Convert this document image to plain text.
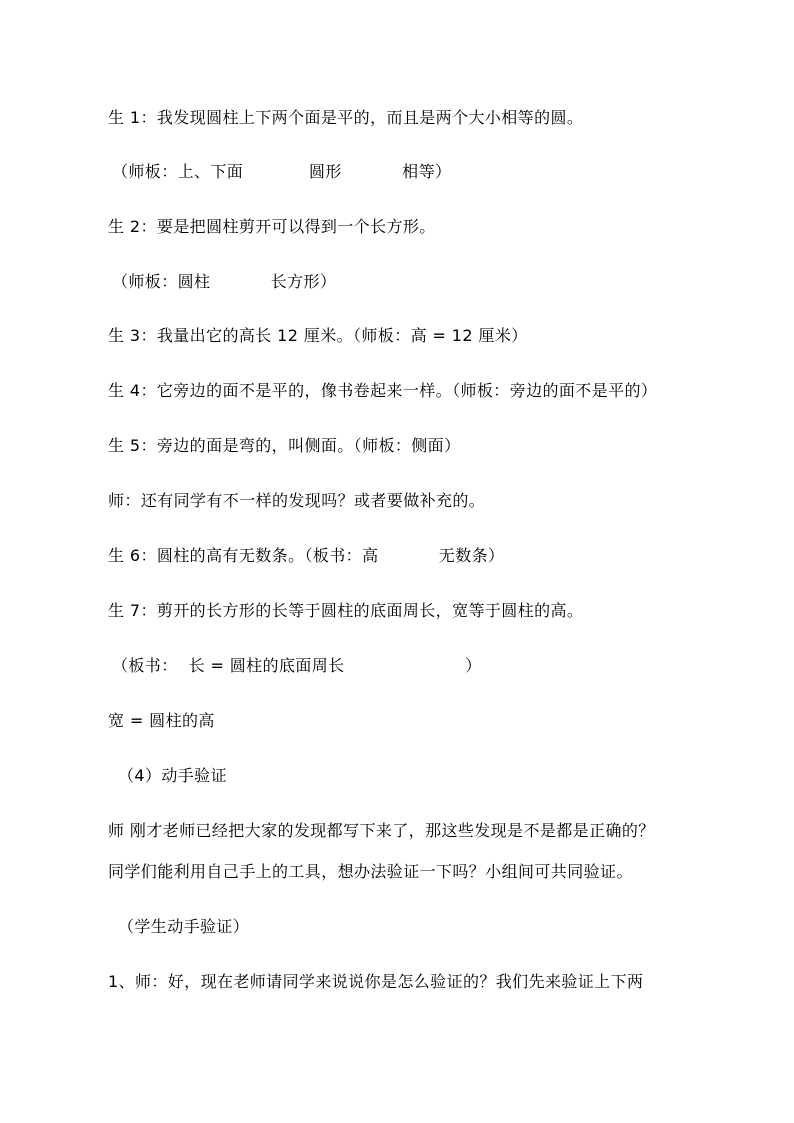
生 1：我发现圆柱上下两个面是平的，而且是两个大小相等的圆。
（师板：上、下面            圆形           相等）
生 2：要是把圆柱剪开可以得到一个长方形。
（师板：圆柱           长方形）
生 3：我量出它的高长 12 厘米。（师板：高 = 12 厘米）
生 4：它旁边的面不是平的，像书卷起来一样。（师板：旁边的面不是平的）
生 5：旁边的面是弯的，叫侧面。（师板：侧面）
师：还有同学有不一样的发现吗？或者要做补充的。
生 6：圆柱的高有无数条。（板书：高           无数条）
生 7：剪开的长方形的长等于圆柱的底面周长，宽等于圆柱的高。
（板书：  长 = 圆柱的底面周长                      ）
宽 = 圆柱的高
（4）动手验证
师 刚才老师已经把大家的发现都写下来了，那这些发现是不是都是正确的？
同学们能利用自己手上的工具，想办法验证一下吗？小组间可共同验证。
（学生动手验证）
1、师：好，现在老师请同学来说说你是怎么验证的？我们先来验证上下两
